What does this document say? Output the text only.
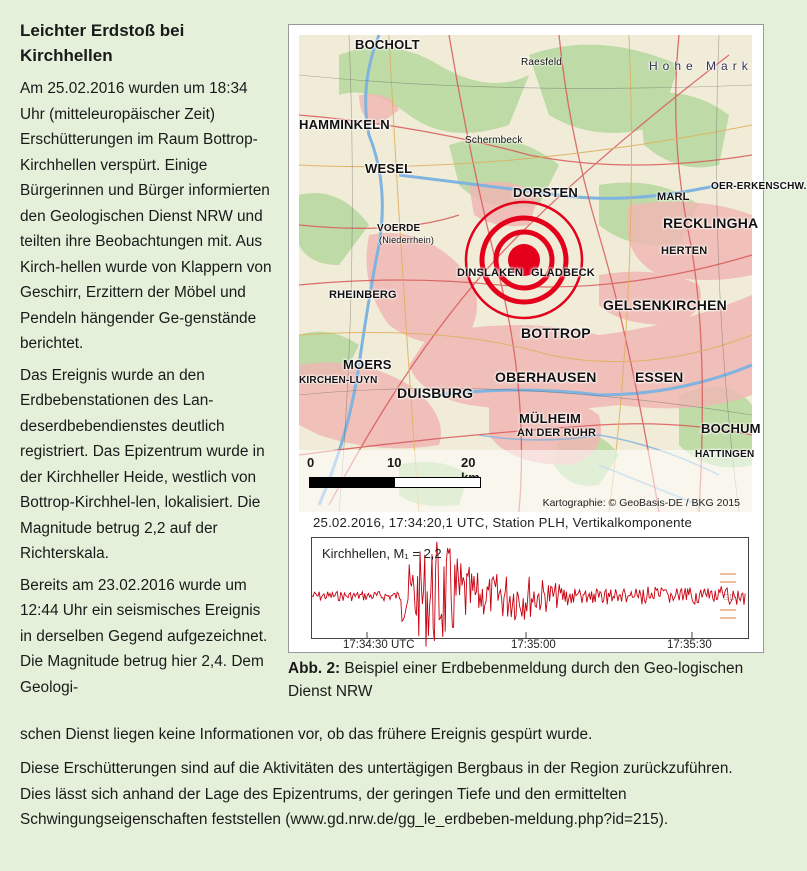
Leichter Erdstoß bei Kirchhellen

Am 25.02.2016 wurden um 18:34 Uhr (mitteleuropäischer Zeit) Erschütterungen im Raum Bottrop-Kirchhellen verspürt. Einige Bürgerinnen und Bürger informierten den Geologischen Dienst NRW und teilten ihre Beobachtungen mit. Aus Kirch-hellen wurde von Klappern von Geschirr, Erzittern der Möbel und Pendeln hängender Ge-genstände berichtet.

Das Ereignis wurde an den Erdbebenstationen des Lan-deserdbebendienstes deutlich registriert. Das Epizentrum wurde in der Kirchheller Heide, westlich von Bottrop-Kirchhel-len, lokalisiert. Die Magnitude betrug 2,2 auf der Richterskala.

Bereits am 23.02.2016 wurde um 12:44 Uhr ein seismisches Ereignis in derselben Gegend aufgezeichnet. Die Magnitude betrug hier 2,4. Dem Geologi-

schen Dienst liegen keine Informationen vor, ob das frühere Ereignis gespürt wurde.

Diese Erschütterungen sind auf die Aktivitäten des untertägigen Bergbaus in der Region zurückzuführen. Dies lässt sich anhand der Lage des Epizentrums, der geringen Tiefe und den ermittelten Schwingungseigenschaften feststellen (www.gd.nrw.de/gg_le_erdbeben-meldung.php?id=215).

BOCHOLT
Raesfeld	Hohe Mark
HAMMINKELN
Schermbeck
WESEL
DORSTEN	MARL
OER-ERKENSCHW.
VOERDE
(Niederrhein)
RECKLINGHA
HERTEN
DINSLAKEN GLADBECK
RHEINBERG
GELSENKIRCHEN
BOTTROP
MOERS
KIRCHEN-LUYN
DUISBURG
OBERHAUSEN	ESSEN
MÜLHEIM
AN DER RUHR	BOCHUM
HATTINGEN
0	10	20
Kartographie: © GeoBasis-DE / BKG 2015
25.02.2016, 17:34:20,1 UTC, Station PLH, Vertikalkomponente
Kirchhellen, M₁ = 2,2
GD
17:34:30 UTC	17:35:00	17:35:30
Abb. 2: Beispiel einer Erdbebenmeldung durch den Geo-logischen Dienst NRW
